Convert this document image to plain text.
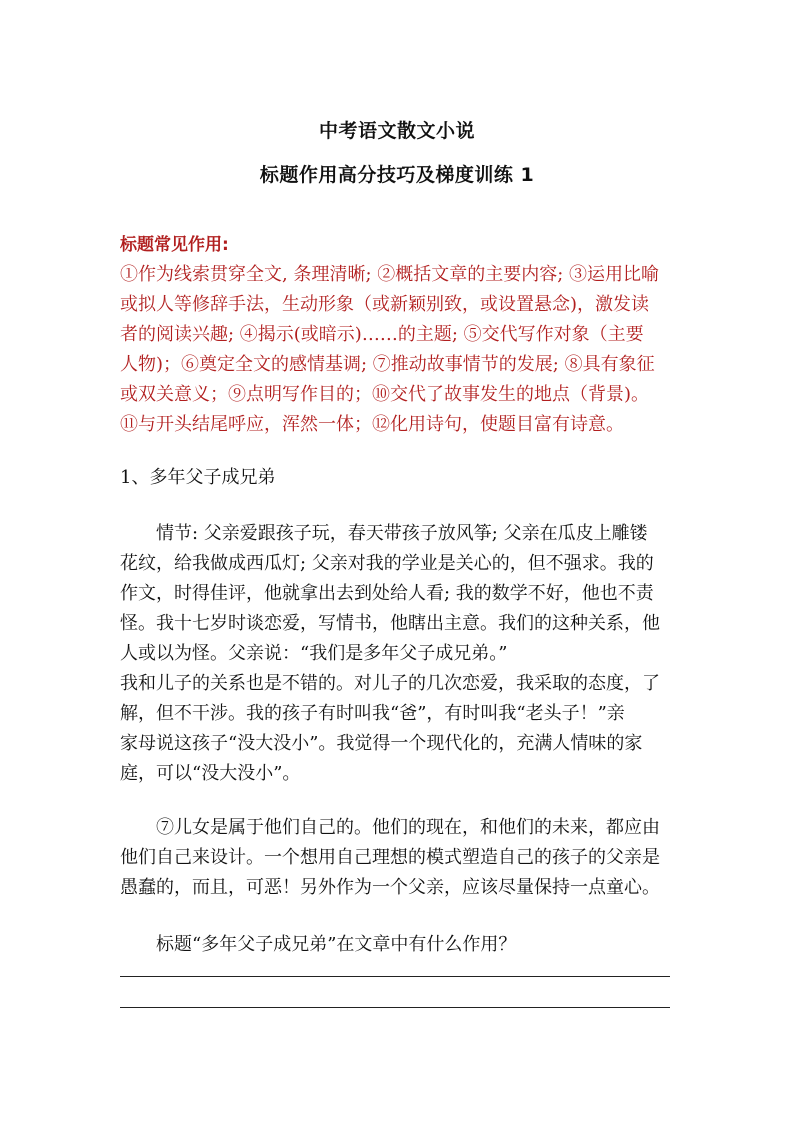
中考语文散文小说
标题作用高分技巧及梯度训练 1
标题常见作用:
①作为线索贯穿全文, 条理清晰; ②概括文章的主要内容; ③运用比喻
或拟人等修辞手法，生动形象（或新颖别致，或设置悬念)，激发读
者的阅读兴趣; ④揭示(或暗示)……的主题; ⑤交代写作对象（主要
人物)；⑥奠定全文的感情基调; ⑦推动故事情节的发展; ⑧具有象征
或双关意义；⑨点明写作目的；⑩交代了故事发生的地点（背景)。
⑪与开头结尾呼应，浑然一体；⑫化用诗句，使题目富有诗意。
1、多年父子成兄弟
情节: 父亲爱跟孩子玩，春天带孩子放风筝; 父亲在瓜皮上雕镂
花纹，给我做成西瓜灯; 父亲对我的学业是关心的，但不强求。我的
作文，时得佳评，他就拿出去到处给人看; 我的数学不好，他也不责
怪。我十七岁时谈恋爱，写情书，他瞎出主意。我们的这种关系，他
人或以为怪。父亲说：“我们是多年父子成兄弟。”
我和儿子的关系也是不错的。对儿子的几次恋爱，我采取的态度，了
解，但不干涉。我的孩子有时叫我“爸”，有时叫我“老头子！”亲
家母说这孩子“没大没小”。我觉得一个现代化的，充满人情味的家
庭，可以“没大没小”。
⑦儿女是属于他们自己的。他们的现在，和他们的未来，都应由
他们自己来设计。一个想用自己理想的模式塑造自己的孩子的父亲是
愚蠢的，而且，可恶！另外作为一个父亲，应该尽量保持一点童心。
标题“多年父子成兄弟”在文章中有什么作用？
